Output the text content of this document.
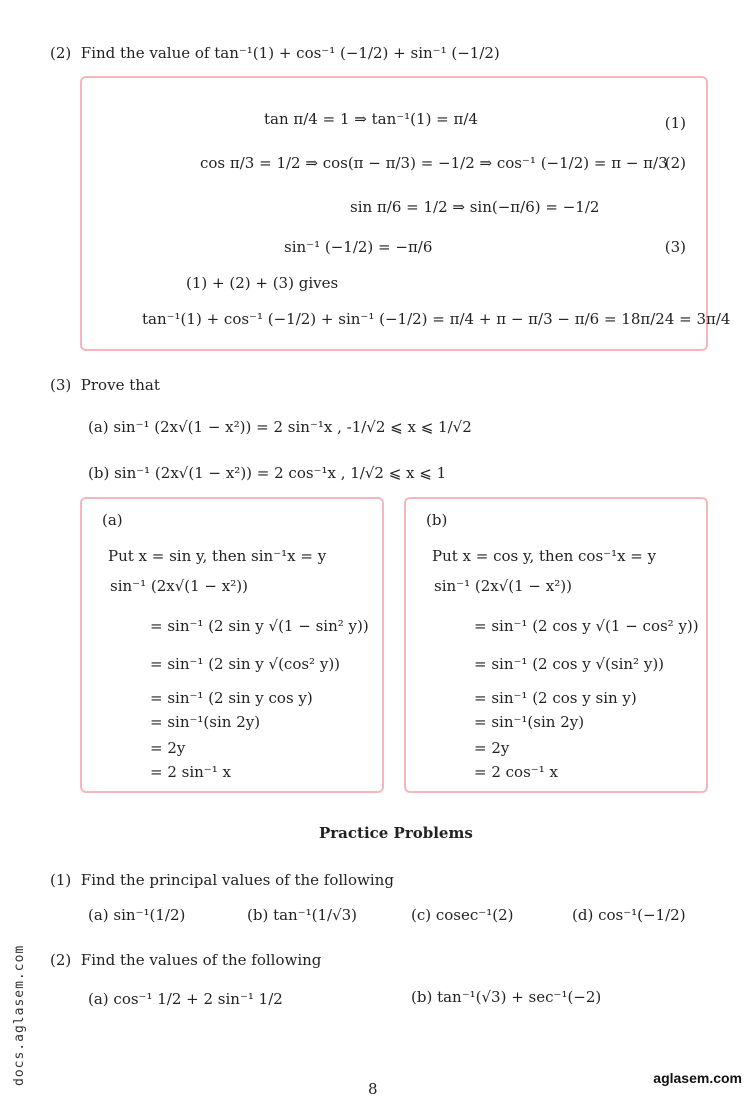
(2) Find the value of tan⁻¹(1) + cos⁻¹ (−1/2) + sin⁻¹ (−1/2)
tan π/4 = 1 ⇒ tan⁻¹(1) = π/4	(1)
cos π/3 = 1/2 ⇒ cos(π − π/3) = −1/2 ⇒ cos⁻¹ (−1/2) = π − π/3
(2)
sin π/6 = 1/2 ⇒ sin(−π/6) = −1/2
sin⁻¹ (−1/2) = −π/6	(3)
(1) + (2) + (3) gives
tan⁻¹(1) + cos⁻¹ (−1/2) + sin⁻¹ (−1/2) = π/4 + π − π/3 − π/6 = 18π/24 = 3π/4
(3) Prove that
(a) sin⁻¹ (2x√(1 − x²)) = 2 sin⁻¹x , -1/√2 ⩽ x ⩽ 1/√2
(b) sin⁻¹ (2x√(1 − x²)) = 2 cos⁻¹x , 1/√2 ⩽ x ⩽ 1
(a)
Put x = sin y, then sin⁻¹x = y
sin⁻¹ (2x√(1 − x²))
= sin⁻¹ (2 sin y √(1 − sin² y))
= sin⁻¹ (2 sin y √(cos² y))
= sin⁻¹ (2 sin y cos y)
= sin⁻¹(sin 2y)
= 2y
= 2 sin⁻¹ x
(b)
Put x = cos y, then cos⁻¹x = y
sin⁻¹ (2x√(1 − x²))
= sin⁻¹ (2 cos y √(1 − cos² y))
= sin⁻¹ (2 cos y √(sin² y))
= sin⁻¹ (2 cos y sin y)
= sin⁻¹(sin 2y)
= 2y
= 2 cos⁻¹ x
Practice Problems
(1) Find the principal values of the following
(a) sin⁻¹(1/2)	(b) tan⁻¹(1/√3)	(c) cosec⁻¹(2)	(d) cos⁻¹(−1/2)
(2) Find the values of the following
(a) cos⁻¹ 1/2 + 2 sin⁻¹ 1/2	(b) tan⁻¹(√3) + sec⁻¹(−2)
docs.aglasem.com
8
aglasem.com
